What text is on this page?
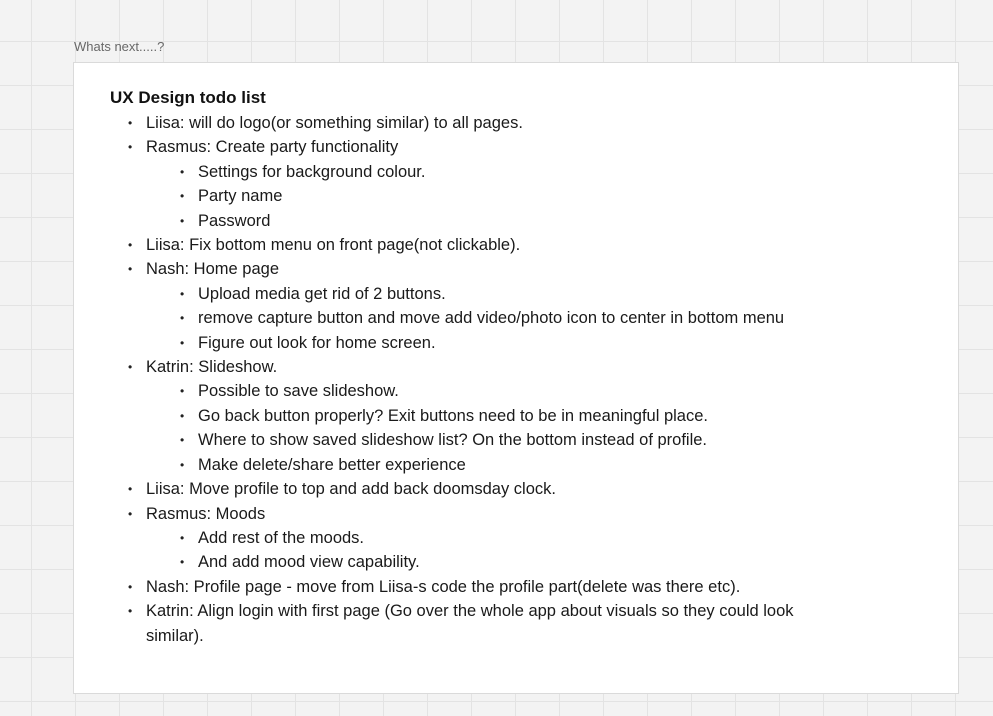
Whats next.....?
UX Design todo list
• Liisa: will do logo(or something similar) to all pages.
• Rasmus: Create party functionality
• Settings for background colour.
• Party name
• Password
• Liisa: Fix bottom menu on front page(not clickable).
• Nash: Home page
• Upload media get rid of 2 buttons.
• remove capture button and move add video/photo icon to center in bottom menu
• Figure out look for home screen.
• Katrin: Slideshow.
• Possible to save slideshow.
• Go back button properly? Exit buttons need to be in meaningful place.
• Where to show saved slideshow list? On the bottom instead of profile.
• Make delete/share better experience
• Liisa: Move profile to top and add back doomsday clock.
• Rasmus: Moods
• Add rest of the moods.
• And add mood view capability.
• Nash: Profile page - move from Liisa-s code the profile part(delete was there etc).
• Katrin: Align login with first page (Go over the whole app about visuals so they could look similar).
